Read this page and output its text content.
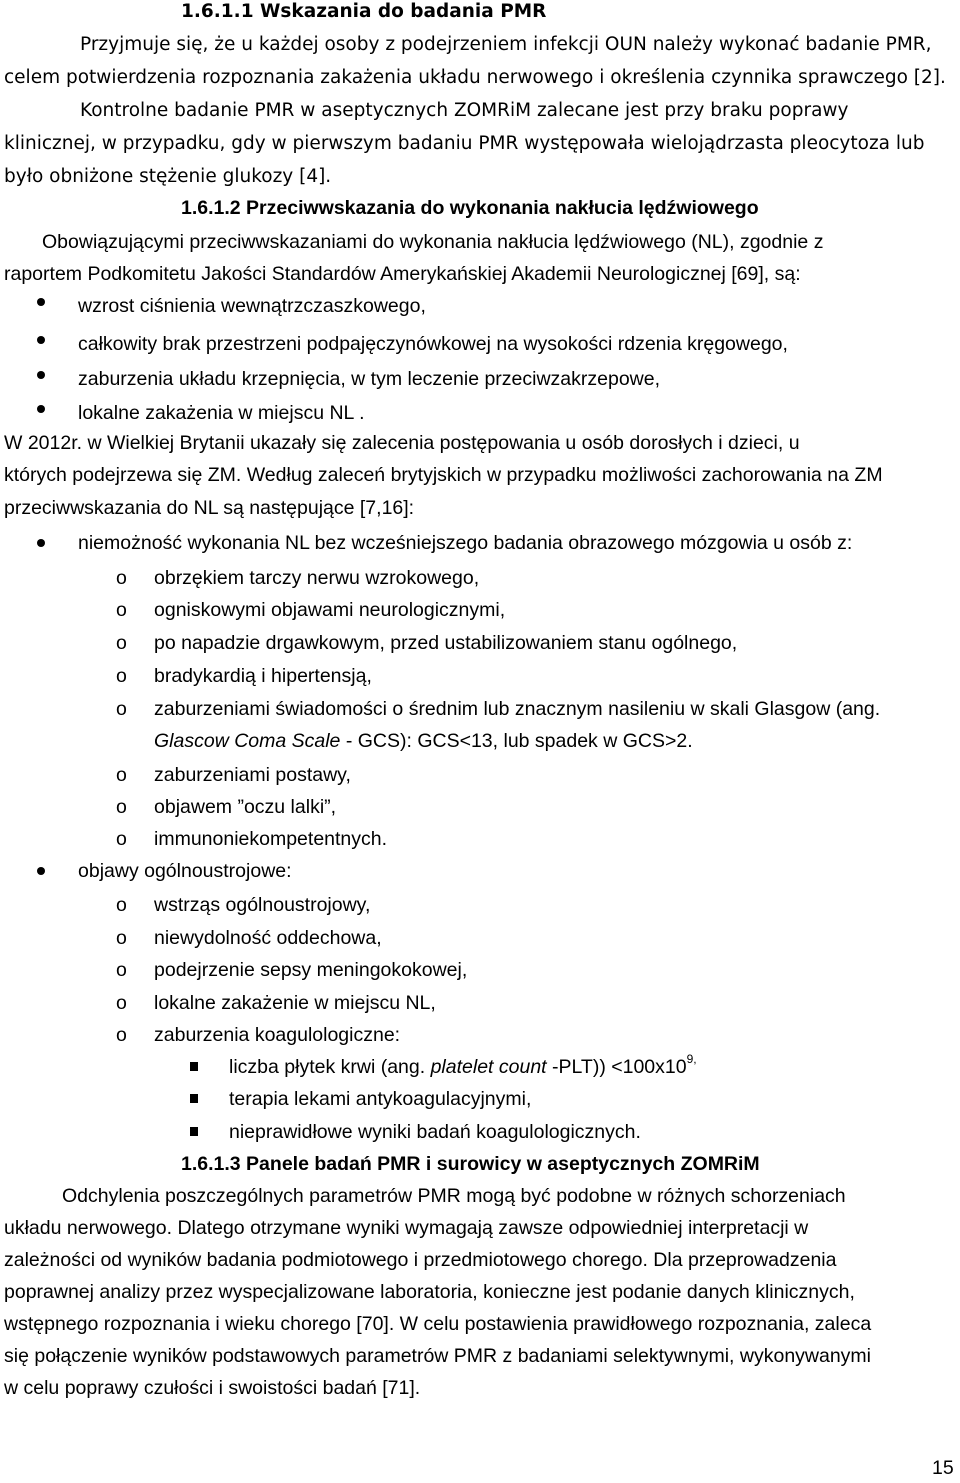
1.6.1.1 Wskazania do badania PMR
Przyjmuje się, że u każdej osoby z podejrzeniem infekcji OUN należy wykonać badanie PMR,
celem potwierdzenia rozpoznania zakażenia układu nerwowego i określenia czynnika sprawczego [2].
Kontrolne badanie PMR w aseptycznych ZOMRiM zalecane jest przy braku poprawy
klinicznej, w przypadku, gdy w pierwszym badaniu PMR występowała wielojądrzasta pleocytoza lub
było obniżone stężenie glukozy [4].
1.6.1.2 Przeciwwskazania do wykonania nakłucia lędźwiowego
Obowiązującymi przeciwwskazaniami do wykonania nakłucia lędźwiowego (NL), zgodnie z
raportem Podkomitetu Jakości Standardów Amerykańskiej Akademii Neurologicznej [69], są:
wzrost ciśnienia wewnątrzczaszkowego,
całkowity brak przestrzeni podpajęczynówkowej na wysokości rdzenia kręgowego,
zaburzenia układu krzepnięcia, w tym leczenie przeciwzakrzepowe,
lokalne zakażenia w miejscu NL .
W 2012r. w Wielkiej Brytanii ukazały się zalecenia postępowania u osób dorosłych i dzieci, u
których podejrzewa się ZM. Według zaleceń brytyjskich w przypadku możliwości zachorowania na ZM
przeciwwskazania do NL są następujące [7,16]:
niemożność wykonania NL bez wcześniejszego badania obrazowego mózgowia u osób z:
o obrzękiem tarczy nerwu wzrokowego,
o ogniskowymi objawami neurologicznymi,
o po napadzie drgawkowym, przed ustabilizowaniem stanu ogólnego,
o bradykardią i hipertensją,
o zaburzeniami świadomości o średnim lub znacznym nasileniu w skali Glasgow (ang.
Glascow Coma Scale - GCS): GCS<13, lub spadek w GCS>2.
o zaburzeniami postawy,
o objawem ”oczu lalki”,
o immunoniekompetentnych.
objawy ogólnoustrojowe:
o wstrząs ogólnoustrojowy,
o niewydolność oddechowa,
o podejrzenie sepsy meningokokowej,
o lokalne zakażenie w miejscu NL,
o zaburzenia koagulologiczne:
liczba płytek krwi (ang. platelet count $-PLT)) <100x10^{9,}$
terapia lekami antykoagulacyjnymi,
nieprawidłowe wyniki badań koagulologicznych.
1.6.1.3 Panele badań PMR i surowicy w aseptycznych ZOMRiM
Odchylenia poszczególnych parametrów PMR mogą być podobne w różnych schorzeniach
układu nerwowego. Dlatego otrzymane wyniki wymagają zawsze odpowiedniej interpretacji w
zależności od wyników badania podmiotowego i przedmiotowego chorego. Dla przeprowadzenia
poprawnej analizy przez wyspecjalizowane laboratoria, konieczne jest podanie danych klinicznych,
wstępnego rozpoznania i wieku chorego [70]. W celu postawienia prawidłowego rozpoznania, zaleca
się połączenie wyników podstawowych parametrów PMR z badaniami selektywnymi, wykonywanymi
w celu poprawy czułości i swoistości badań [71].
15
